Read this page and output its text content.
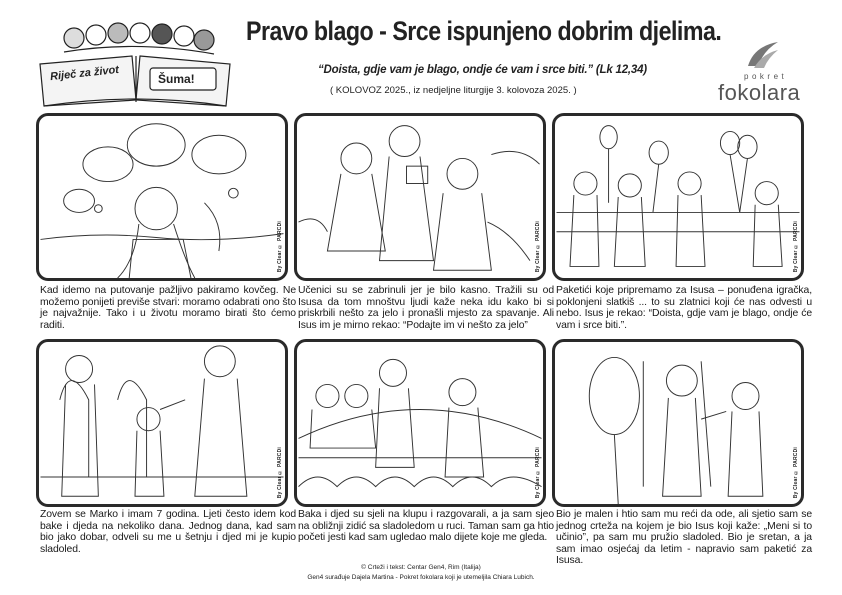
Riječ za život	Šuma!
Pravo blago - Srce ispunjeno dobrim djelima.
“Doista, gdje vam je blago, ondje će vam i srce biti.” (Lk 12,34)
( KOLOVOZ 2025., iz nedjeljne liturgije 3. kolovoza 2025. )
pokret
fokolara
By Clear © PARCDi
Kad idemo na putovanje pažljivo pakiramo kovčeg. Ne možemo ponijeti previše stvari: moramo odabrati ono što je najvažnije. Tako i u životu moramo birati što ćemo raditi.
By Clear © PARCDi
Učenici su se zabrinuli jer je bilo kasno. Tražili su od Isusa da tom mnoštvu ljudi kaže neka idu kako bi si priskrbili nešto za jelo i pronašli mjesto za spavanje. Ali Isus im je mirno rekao: “Podajte im vi nešto za jelo”
By Clear © PARCDi
Paketići koje pripremamo za Isusa – ponuđena igračka, poklonjeni slatkiš ... to su zlatnici koji će nas odvesti u nebo. Isus je rekao: “Doista, gdje vam je blago, ondje će vam i srce biti.”.
By Clear © PARCDi
Zovem se Marko i imam 7 godina. Ljeti često idem kod bake i djeda na nekoliko dana. Jednog dana, kad sam bio jako dobar, odveli su me u šetnju i djed mi je kupio sladoled.
By Clear © PARCDi
Baka i djed su sjeli na klupu i razgovarali, a ja sam sjeo na obližnji zidić sa sladoledom u ruci. Taman sam ga htio početi jesti kad sam ugledao malo dijete koje me gleda.
By Clear © PARCDi
Bio je malen i htio sam mu reći da ode, ali sjetio sam se jednog crteža na kojem je bio Isus koji kaže: „Meni si to učinio”, pa sam mu pružio sladoled. Bio je sretan, a ja sam imao osjećaj da letim - napravio sam paketić za Isusa.
© Crteži i tekst: Centar Gen4, Rim (Italija)
Gen4 surađuje Dajela Martina - Pokret fokolara koji je utemeljila Chiara Lubich.
